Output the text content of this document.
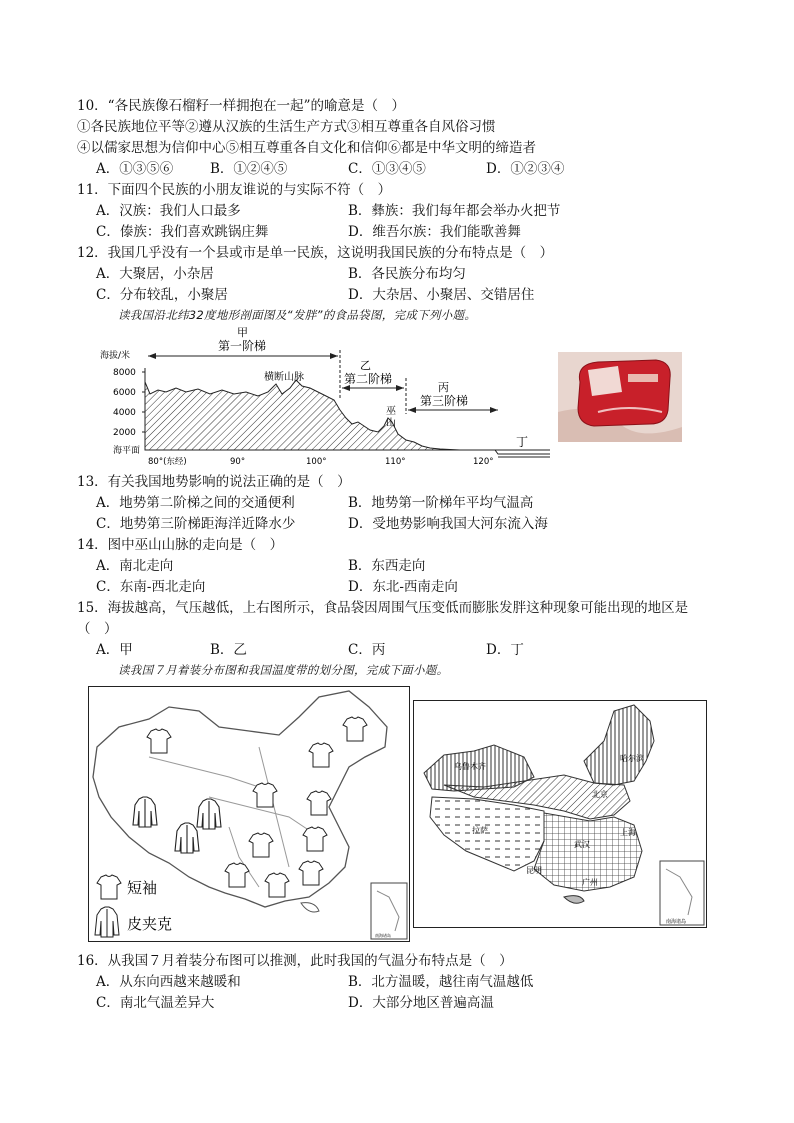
10．“各民族像石榴籽一样拥抱在一起”的喻意是（　）
①各民族地位平等②遵从汉族的生活生产方式③相互尊重各自风俗习惯
④以儒家思想为信仰中心⑤相互尊重各自文化和信仰⑥都是中华文明的缔造者
A．①③⑤⑥	B．①②④⑤	C．①③④⑤	D．①②③④
11．下面四个民族的小朋友谁说的与实际不符（　）
A．汉族：我们人口最多	B．彝族：我们每年都会举办火把节
C．傣族：我们喜欢跳锅庄舞	D．维吾尔族：我们能歌善舞
12．我国几乎没有一个县或市是单一民族，这说明我国民族的分布特点是（　）
A．大聚居，小杂居	B．各民族分布均匀
C．分布较乱，小聚居	D．大杂居、小聚居、交错居住
读我国沿北纬32度地形剖面图及“发胖”的食品袋图，完成下列小题。
海拔/米
8000
6000
4000
2000
海平面
80°(东经)	90°	100°	110°	120°
甲
第一阶梯
乙
第二阶梯
丙
第三阶梯
横断山脉
巫
山
丁
13．有关我国地势影响的说法正确的是（　）
A．地势第二阶梯之间的交通便利	B．地势第一阶梯年平均气温高
C．地势第三阶梯距海洋近降水少	D．受地势影响我国大河东流入海
14．图中巫山山脉的走向是（　）
A．南北走向	B．东西走向
C．东南-西北走向	D．东北-西南走向
15．海拔越高，气压越低，上右图所示，食品袋因周围气压变低而膨胀发胖这种现象可能出现的地区是
（　）
A．甲	B．乙	C．丙	D．丁
读我国７月着装分布图和我国温度带的划分图，完成下面小题。
短袖
皮夹克
南海诸岛
乌鲁木齐
哈尔滨
北京
上海
武汉
拉萨
广州
昆明
南海诸岛
16．从我国７月着装分布图可以推测，此时我国的气温分布特点是（　）
A．从东向西越来越暖和	B．北方温暖，越往南气温越低
C．南北气温差异大	D．大部分地区普遍高温
